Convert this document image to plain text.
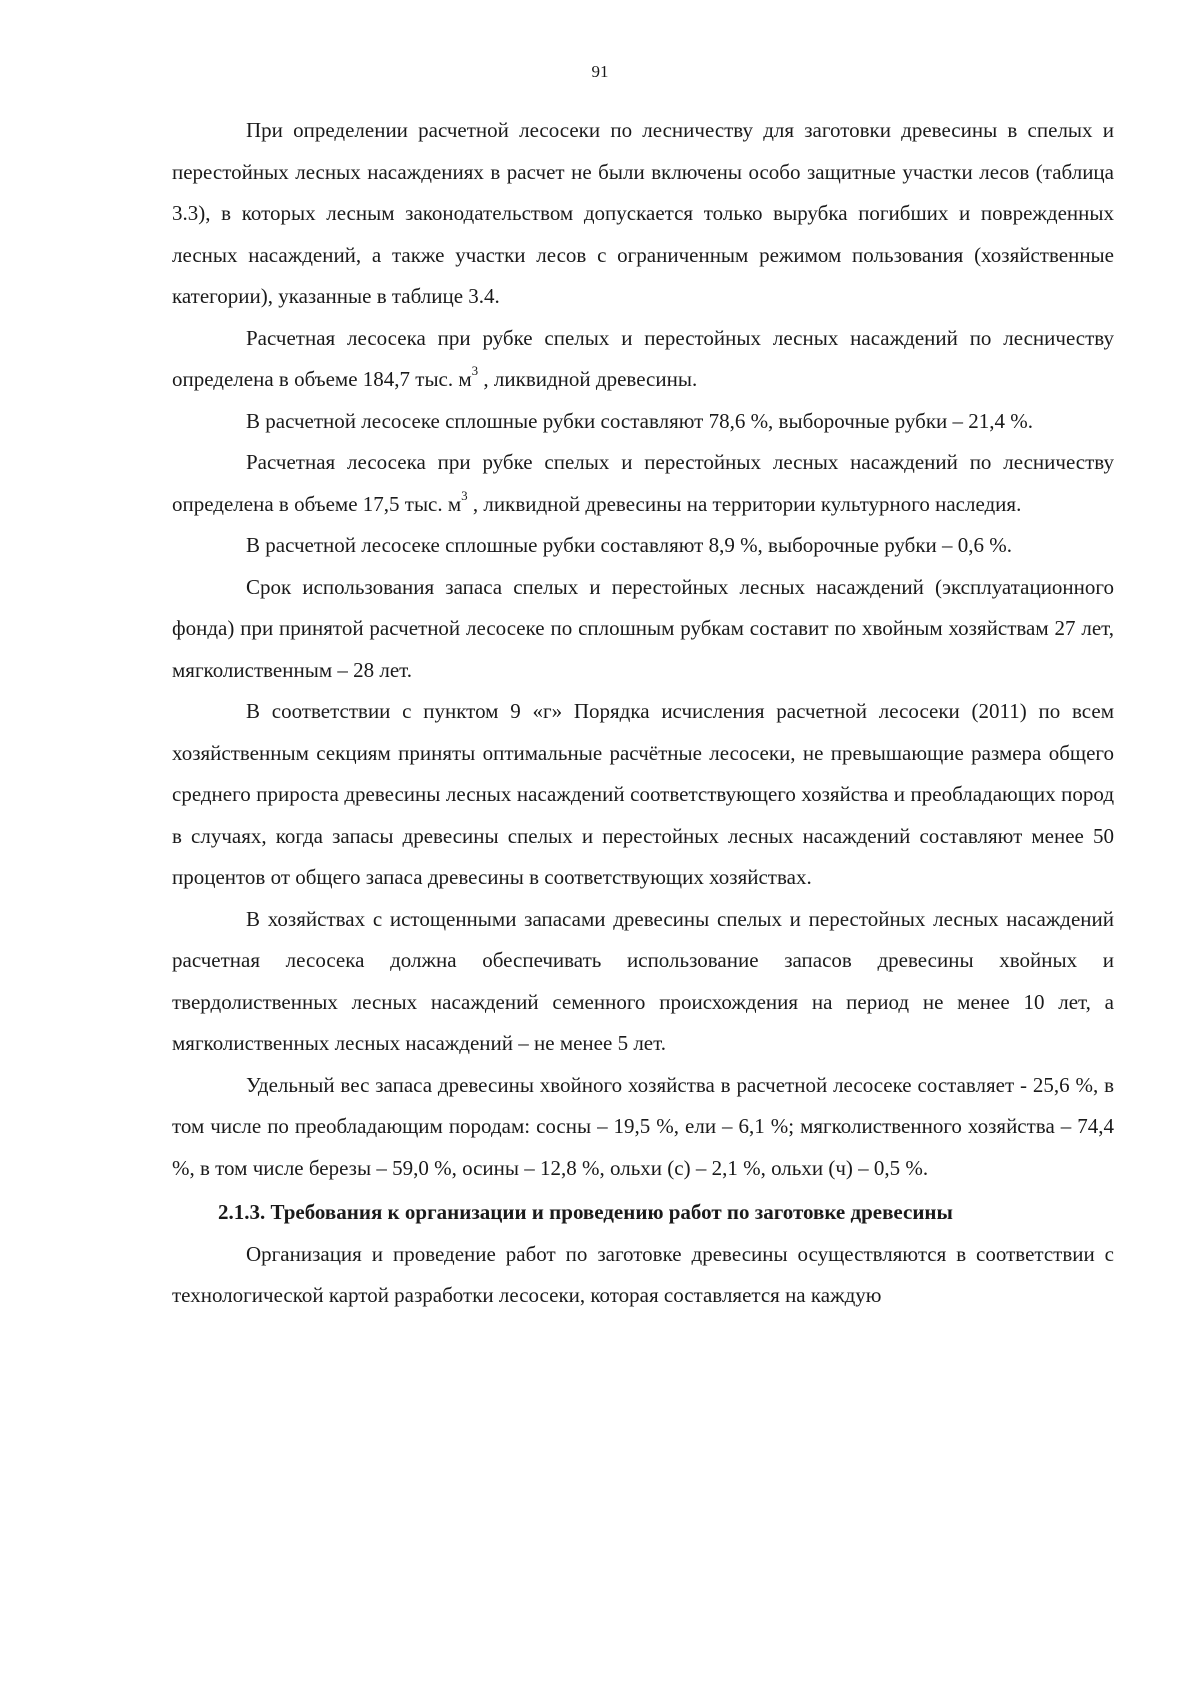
91

При определении расчетной лесосеки по лесничеству для заготовки древесины в спелых и перестойных лесных насаждениях в расчет не были включены особо защитные участки лесов (таблица 3.3), в которых лесным законодательством допускается только вырубка погибших и поврежденных лесных насаждений, а также участки лесов с ограниченным режимом пользования (хозяйственные категории), указанные в таблице 3.4.

Расчетная лесосека при рубке спелых и перестойных лесных насаждений по лесничеству определена в объеме 184,7 тыс. $м^3$ , ликвидной древесины.

В расчетной лесосеке сплошные рубки составляют 78,6 %, выборочные рубки – 21,4 %.

Расчетная лесосека при рубке спелых и перестойных лесных насаждений по лесничеству определена в объеме 17,5 тыс. $м^3$ , ликвидной древесины на территории культурного наследия.

В расчетной лесосеке сплошные рубки составляют 8,9 %, выборочные рубки – 0,6 %.

Срок использования запаса спелых и перестойных лесных насаждений (эксплуатационного фонда) при принятой расчетной лесосеке по сплошным рубкам составит по хвойным хозяйствам 27 лет, мягколиственным – 28 лет.

В соответствии с пунктом 9 «г» Порядка исчисления расчетной лесосеки (2011) по всем хозяйственным секциям приняты оптимальные расчётные лесосеки, не превышающие размера общего среднего прироста древесины лесных насаждений соответствующего хозяйства и преобладающих пород в случаях, когда запасы древесины спелых и перестойных лесных насаждений составляют менее 50 процентов от общего запаса древесины в соответствующих хозяйствах.

В хозяйствах с истощенными запасами древесины спелых и перестойных лесных насаждений расчетная лесосека должна обеспечивать использование запасов древесины хвойных и твердолиственных лесных насаждений семенного происхождения на период не менее 10 лет, а мягколиственных лесных насаждений – не менее 5 лет.

Удельный вес запаса древесины хвойного хозяйства в расчетной лесосеке составляет - 25,6 %, в том числе по преобладающим породам: сосны – 19,5 %, ели – 6,1 %; мягколиственного хозяйства – 74,4 %, в том числе березы – 59,0 %, осины – 12,8 %, ольхи (с) – 2,1 %, ольхи (ч) – 0,5 %.

2.1.3. Требования к организации и проведению работ по заготовке древесины

Организация и проведение работ по заготовке древесины осуществляются в соответствии с технологической картой разработки лесосеки, которая составляется на каждую
